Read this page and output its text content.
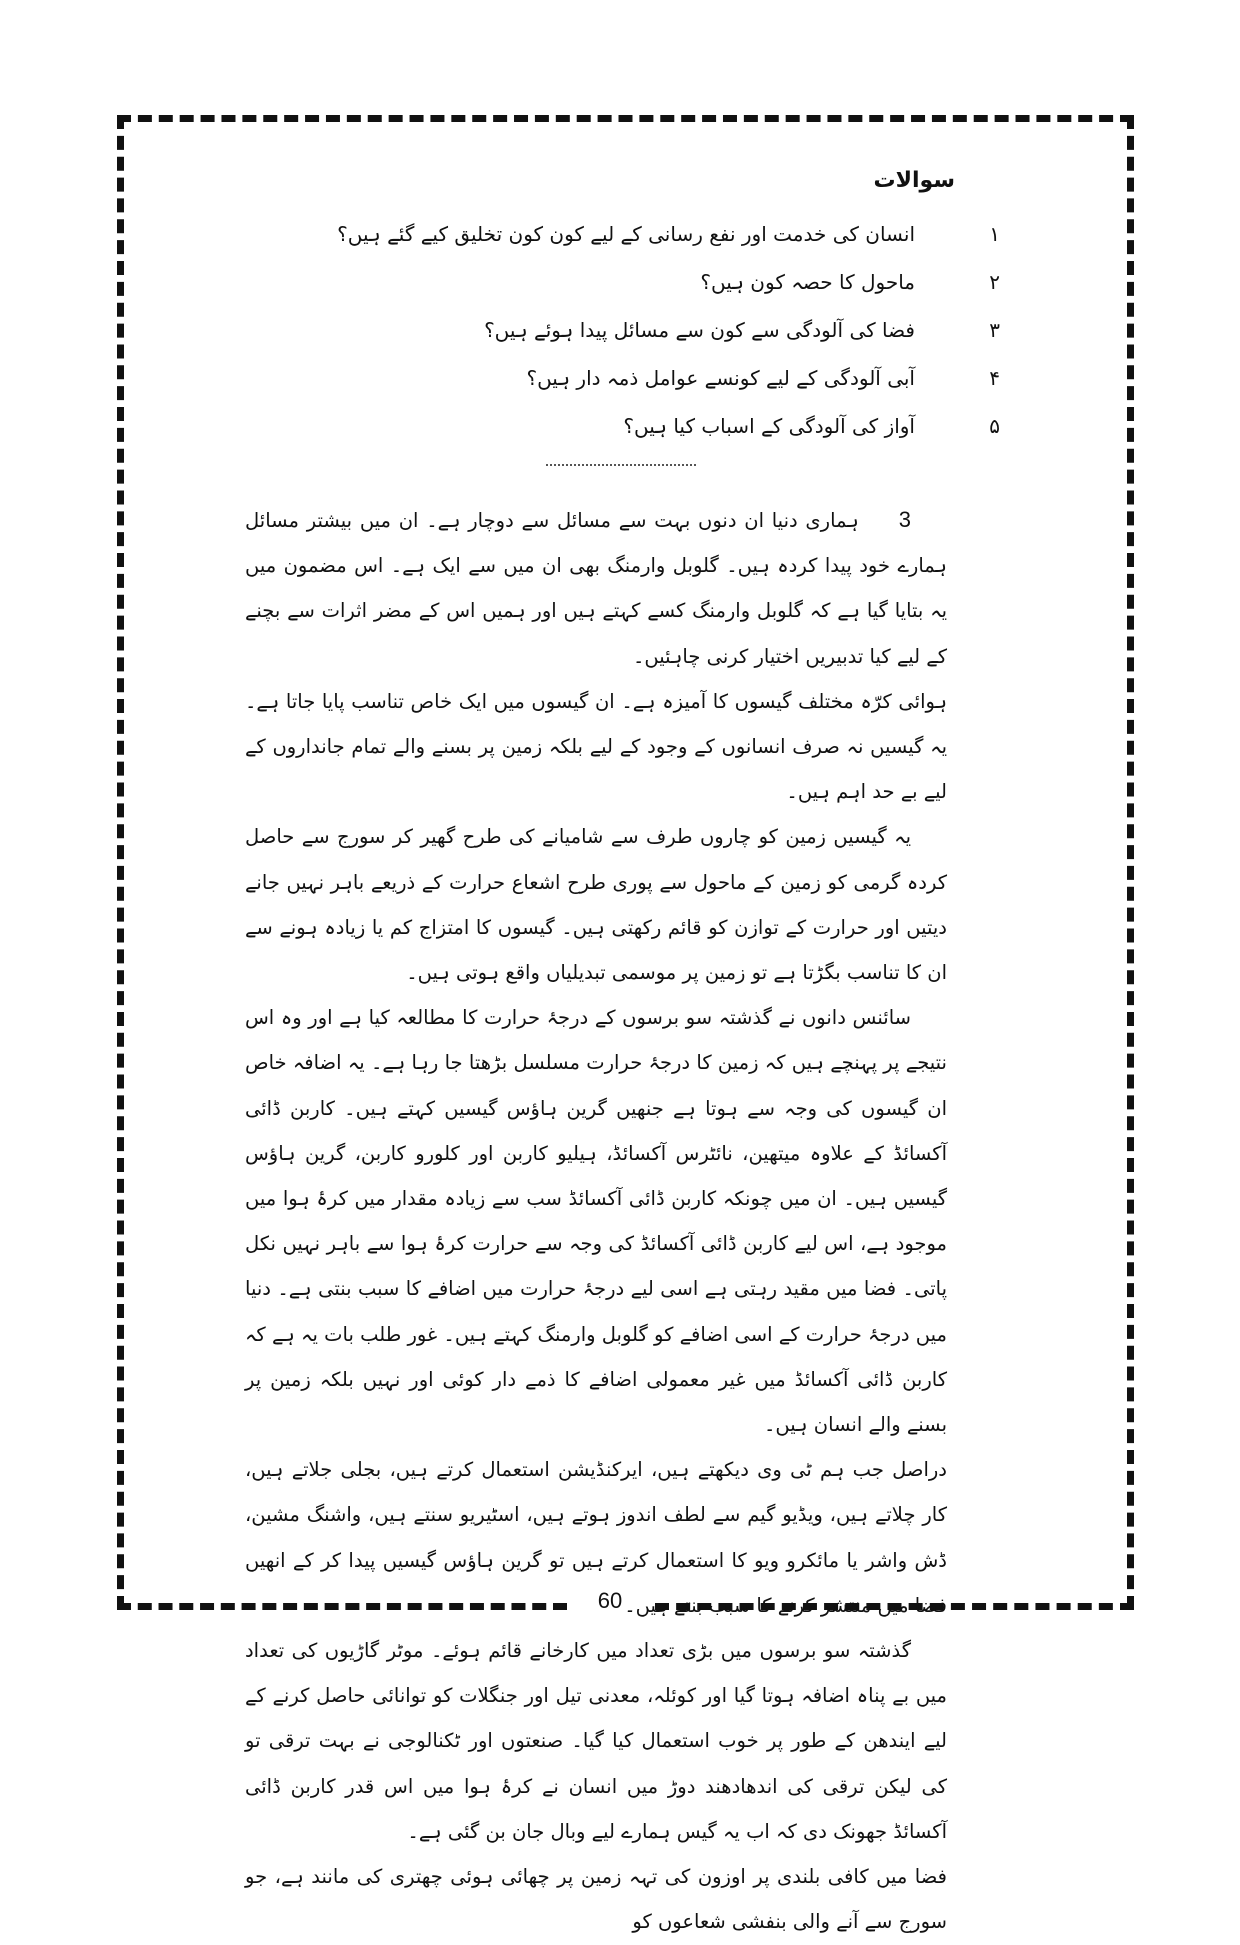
سوالات
۱
انسان کی خدمت اور نفع رسانی کے لیے کون کون تخلیق کیے گئے ہیں؟
۲
ماحول کا حصہ کون ہیں؟
۳
فضا کی آلودگی سے کون سے مسائل پیدا ہوئے ہیں؟
۴
آبی آلودگی کے لیے کونسے عوامل ذمہ دار ہیں؟
۵
آواز کی آلودگی کے اسباب کیا ہیں؟

3ہماری دنیا ان دنوں بہت سے مسائل سے دوچار ہے۔ ان میں بیشتر مسائل ہمارے خود پیدا کردہ ہیں۔ گلوبل وارمنگ بھی ان میں سے ایک ہے۔ اس مضمون میں یہ بتایا گیا ہے کہ گلوبل وارمنگ کسے کہتے ہیں اور ہمیں اس کے مضر اثرات سے بچنے کے لیے کیا تدبیریں اختیار کرنی چاہئیں۔

ہوائی کرّہ مختلف گیسوں کا آمیزہ ہے۔ ان گیسوں میں ایک خاص تناسب پایا جاتا ہے۔ یہ گیسیں نہ صرف انسانوں کے وجود کے لیے بلکہ زمین پر بسنے والے تمام جانداروں کے لیے بے حد اہم ہیں۔

یہ گیسیں زمین کو چاروں طرف سے شامیانے کی طرح گھیر کر سورج سے حاصل کردہ گرمی کو زمین کے ماحول سے پوری طرح اشعاع حرارت کے ذریعے باہر نہیں جانے دیتیں اور حرارت کے توازن کو قائم رکھتی ہیں۔ گیسوں کا امتزاج کم یا زیادہ ہونے سے ان کا تناسب بگڑتا ہے تو زمین پر موسمی تبدیلیاں واقع ہوتی ہیں۔

سائنس دانوں نے گذشتہ سو برسوں کے درجۂ حرارت کا مطالعہ کیا ہے اور وہ اس نتیجے پر پہنچے ہیں کہ زمین کا درجۂ حرارت مسلسل بڑھتا جا رہا ہے۔ یہ اضافہ خاص ان گیسوں کی وجہ سے ہوتا ہے جنھیں گرین ہاؤس گیسیں کہتے ہیں۔ کاربن ڈائی آکسائڈ کے علاوہ میتھین، نائٹرس آکسائڈ، ہیلیو کاربن اور کلورو کاربن، گرین ہاؤس گیسیں ہیں۔ ان میں چونکہ کاربن ڈائی آکسائڈ سب سے زیادہ مقدار میں کرۂ ہوا میں موجود ہے، اس لیے کاربن ڈائی آکسائڈ کی وجہ سے حرارت کرۂ ہوا سے باہر نہیں نکل پاتی۔ فضا میں مقید رہتی ہے اسی لیے درجۂ حرارت میں اضافے کا سبب بنتی ہے۔ دنیا میں درجۂ حرارت کے اسی اضافے کو گلوبل وارمنگ کہتے ہیں۔ غور طلب بات یہ ہے کہ کاربن ڈائی آکسائڈ میں غیر معمولی اضافے کا ذمے دار کوئی اور نہیں بلکہ زمین پر بسنے والے انسان ہیں۔

دراصل جب ہم ٹی وی دیکھتے ہیں، ایرکنڈیشن استعمال کرتے ہیں، بجلی جلاتے ہیں، کار چلاتے ہیں، ویڈیو گیم سے لطف اندوز ہوتے ہیں، اسٹیریو سنتے ہیں، واشنگ مشین، ڈش واشر یا مائکرو ویو کا استعمال کرتے ہیں تو گرین ہاؤس گیسیں پیدا کر کے انھیں فضا میں منتشر کرنے کا سبب بنتے ہیں۔

گذشتہ سو برسوں میں بڑی تعداد میں کارخانے قائم ہوئے۔ موٹر گاڑیوں کی تعداد میں بے پناہ اضافہ ہوتا گیا اور کوئلہ، معدنی تیل اور جنگلات کو توانائی حاصل کرنے کے لیے ایندھن کے طور پر خوب استعمال کیا گیا۔ صنعتوں اور ٹکنالوجی نے بہت ترقی تو کی لیکن ترقی کی اندھادھند دوڑ میں انسان نے کرۂ ہوا میں اس قدر کاربن ڈائی آکسائڈ جھونک دی کہ اب یہ گیس ہمارے لیے وبال جان بن گئی ہے۔

فضا میں کافی بلندی پر اوزون کی تہہ زمین پر چھائی ہوئی چھتری کی مانند ہے، جو سورج سے آنے والی بنفشی شعاعوں کو

60
